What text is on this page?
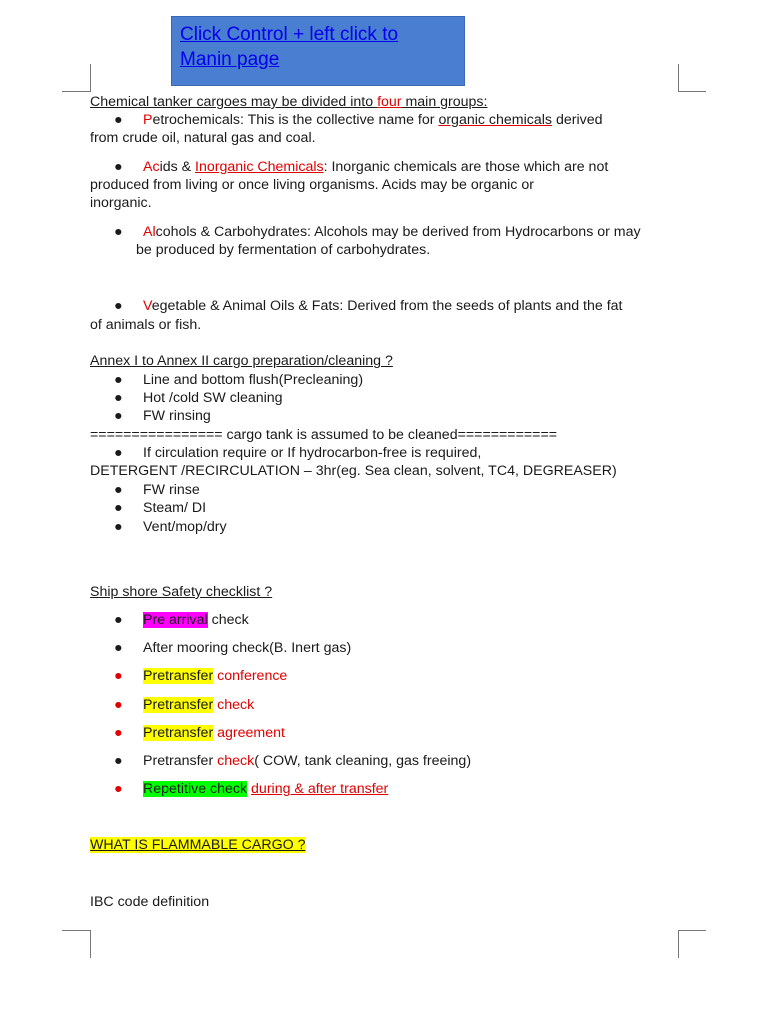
Click Control + left click to
Manin page
Chemical tanker cargoes may be divided into four main groups:
● Petrochemicals: This is the collective name for organic chemicals derived
from crude oil, natural gas and coal.
● Acids & Inorganic Chemicals: Inorganic chemicals are those which are not
produced from living or once living organisms. Acids may be organic or
inorganic.
● Alcohols & Carbohydrates: Alcohols may be derived from Hydrocarbons or may
be produced by fermentation of carbohydrates.
● Vegetable & Animal Oils & Fats: Derived from the seeds of plants and the fat
of animals or fish.
Annex I to Annex II cargo preparation/cleaning ?
● Line and bottom flush(Precleaning)
● Hot /cold SW cleaning
● FW rinsing
================ cargo tank is assumed to be cleaned============
● If circulation require or If hydrocarbon-free is required,
DETERGENT /RECIRCULATION – 3hr(eg. Sea clean, solvent, TC4, DEGREASER)
● FW rinse
● Steam/ DI
● Vent/mop/dry
Ship shore Safety checklist ?
● Pre arrival check
● After mooring check(B. Inert gas)
● Pretransfer conference
● Pretransfer check
● Pretransfer agreement
● Pretransfer check( COW, tank cleaning, gas freeing)
● Repetitive check during & after transfer
WHAT IS FLAMMABLE CARGO ?
IBC code definition
